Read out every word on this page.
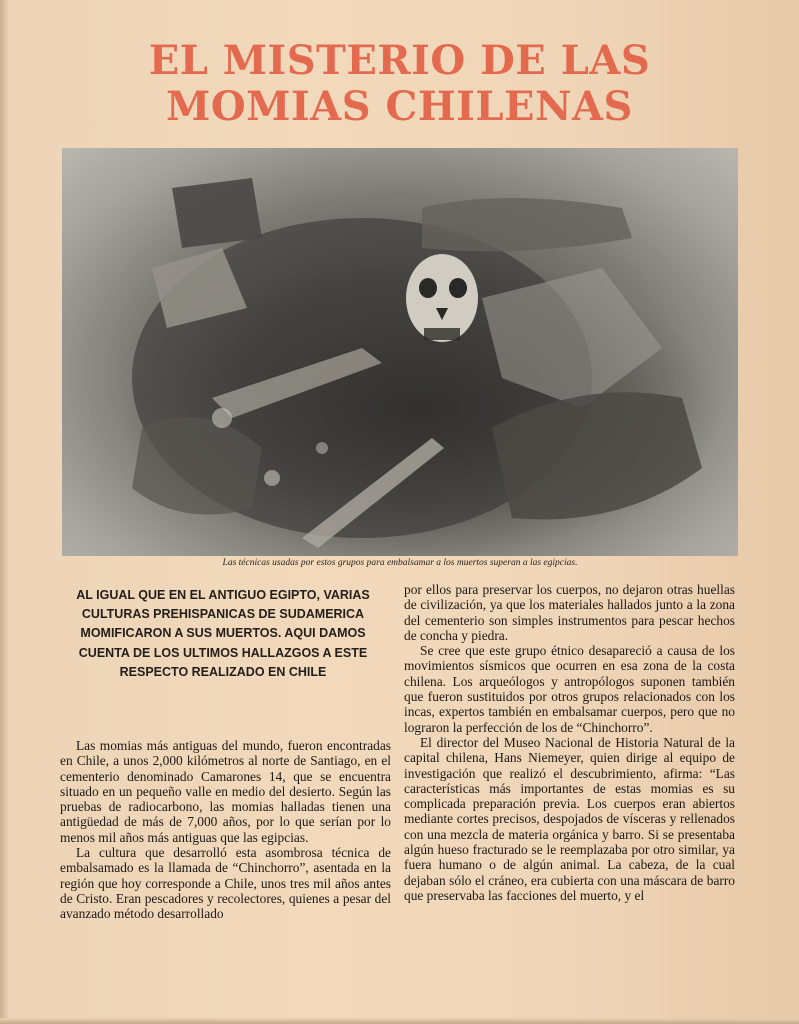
EL MISTERIO DE LAS
MOMIAS CHILENAS
Las técnicas usadas por estos grupos para embalsamar a los muertos superan a las egipcias.
AL IGUAL QUE EN EL ANTIGUO EGIPTO, VARIAS CULTURAS PREHISPANICAS DE SUDAMERICA MOMIFICARON A SUS MUERTOS. AQUI DAMOS CUENTA DE LOS ULTIMOS HALLAZGOS A ESTE RESPECTO REALIZADO EN CHILE

Las momias más antiguas del mundo, fueron encontradas en Chile, a unos 2,000 kilómetros al norte de Santiago, en el cementerio denominado Camarones 14, que se encuentra situado en un pequeño valle en medio del desierto. Según las pruebas de radiocarbono, las momias halladas tienen una antigüedad de más de 7,000 años, por lo que serían por lo menos mil años más antiguas que las egipcias.

La cultura que desarrolló esta asombrosa técnica de embalsamado es la llamada de “Chinchorro”, asentada en la región que hoy corresponde a Chile, unos tres mil años antes de Cristo. Eran pescadores y recolectores, quienes a pesar del avanzado método desarrollado

por ellos para preservar los cuerpos, no dejaron otras huellas de civilización, ya que los materiales hallados junto a la zona del cementerio son simples instrumentos para pescar hechos de concha y piedra.

Se cree que este grupo étnico desapareció a causa de los movimientos sísmicos que ocurren en esa zona de la costa chilena. Los arqueólogos y antropólogos suponen también que fueron sustituidos por otros grupos relacionados con los incas, expertos también en embalsamar cuerpos, pero que no lograron la perfección de los de “Chinchorro”.

El director del Museo Nacional de Historia Natural de la capital chilena, Hans Niemeyer, quien dirige al equipo de investigación que realizó el descubrimiento, afirma: “Las características más importantes de estas momias es su complicada preparación previa. Los cuerpos eran abiertos mediante cortes precisos, despojados de vísceras y rellenados con una mezcla de materia orgánica y barro. Si se presentaba algún hueso fracturado se le reemplazaba por otro similar, ya fuera humano o de algún animal. La cabeza, de la cual dejaban sólo el cráneo, era cubierta con una máscara de barro que preservaba las facciones del muerto, y el
